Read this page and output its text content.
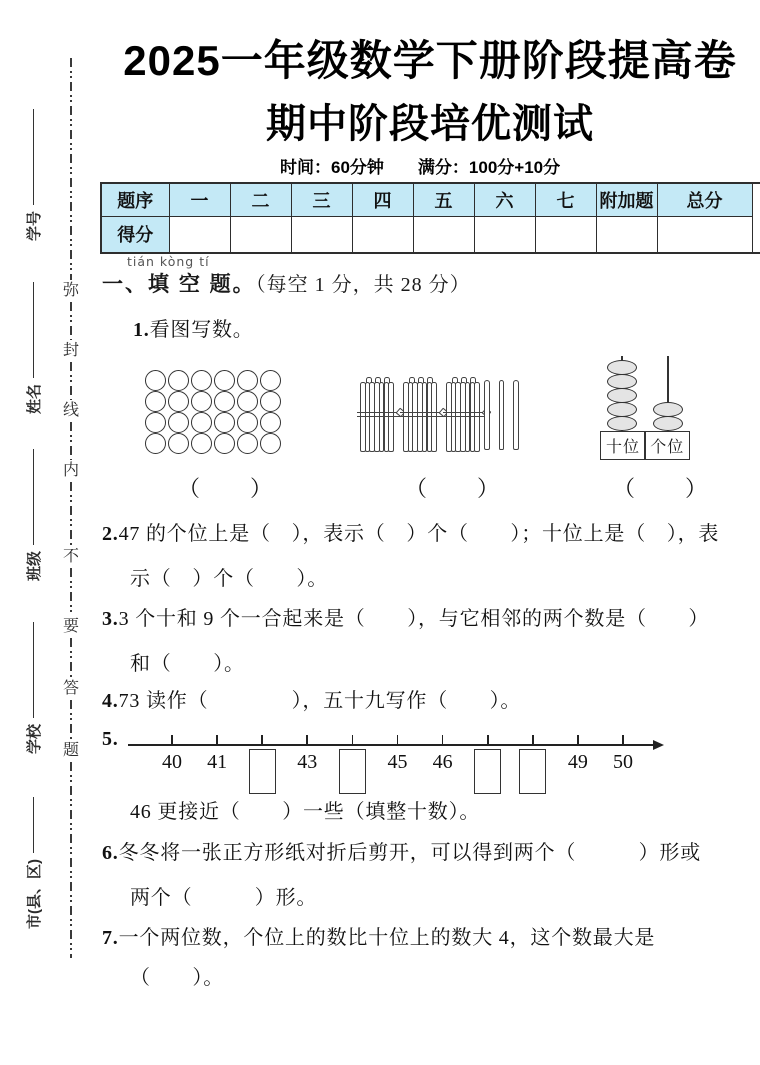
学号
姓名
班级
学校
市(县、区)
弥
封
线
内
不
要
答
题
2025一年级数学下册阶段提高卷
期中阶段培优测试
时间：60分钟 满分：100分+10分
题序	一	二	三	四	五	六	七	附加题	总分
得分									
tián kòng tí
一、填 空 题。（每空 1 分，共 28 分）
1.看图写数。
十位 个位
（　　）	（　　）	（　　）
2.47 的个位上是（　），表示（　）个（　　）；十位上是（　），表
示（　）个（　　）。
3.3 个十和 9 个一合起来是（　　），与它相邻的两个数是（　　）
和（　　）。
4.73 读作（　　　　），五十九写作（　　）。
5.
40	41	43	45	46	49	50
46 更接近（　　）一些（填整十数）。
6.冬冬将一张正方形纸对折后剪开，可以得到两个（　　　）形或
两个（　　　）形。
7.一个两位数，个位上的数比十位上的数大 4，这个数最大是
（　　）。
